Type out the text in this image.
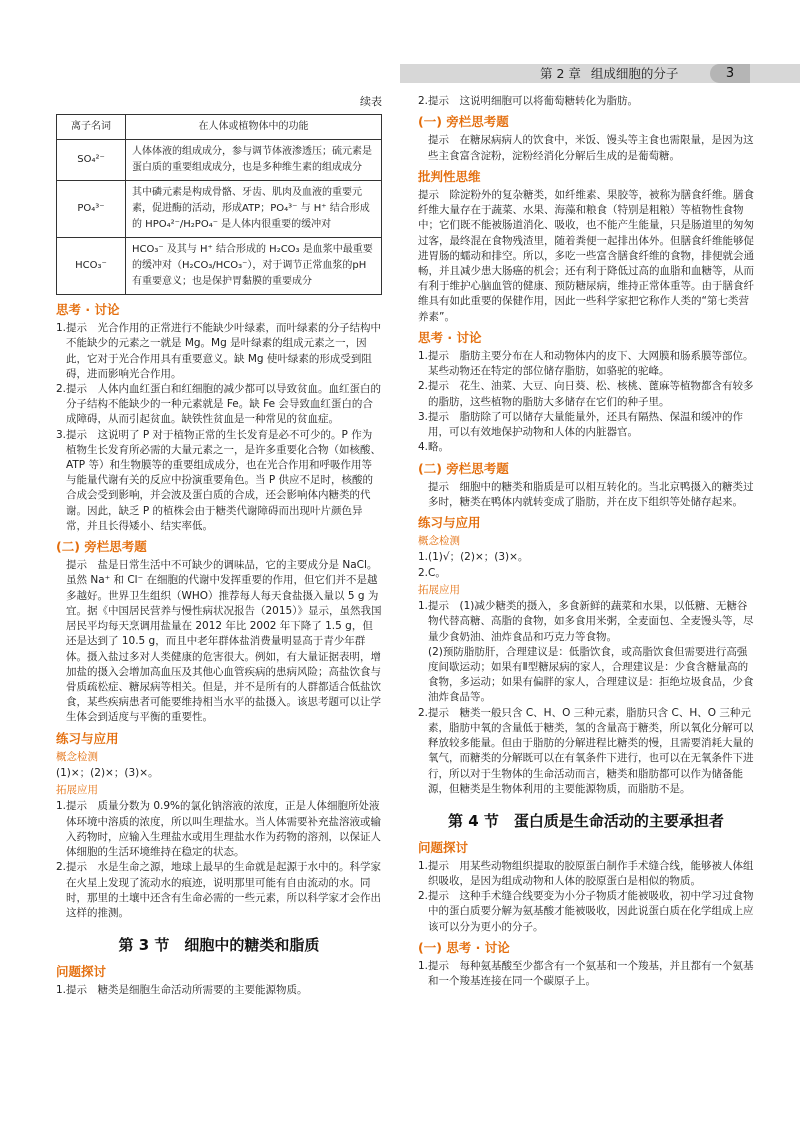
第 2 章 组成细胞的分子	3

续表

离子名词	在人体或植物体中的功能
SO₄²⁻	人体体液的组成成分，参与调节体液渗透压；硫元素是蛋白质的重要组成成分，也是多种维生素的组成成分
PO₄³⁻	其中磷元素是构成骨骼、牙齿、肌肉及血液的重要元素，促进酶的活动，形成ATP；PO₄³⁻ 与 H⁺ 结合形成的 HPO₄²⁻/H₂PO₄⁻ 是人体内很重要的缓冲对
HCO₃⁻	HCO₃⁻ 及其与 H⁺ 结合形成的 H₂CO₃ 是血浆中最重要的缓冲对（H₂CO₃/HCO₃⁻），对于调节正常血浆的pH有重要意义；也是保护胃黏膜的重要成分

思考 · 讨论

1.提示　光合作用的正常进行不能缺少叶绿素，而叶绿素的分子结构中不能缺少的元素之一就是 Mg。Mg 是叶绿素的组成元素之一，因此，它对于光合作用具有重要意义。缺 Mg 使叶绿素的形成受到阻碍，进而影响光合作用。

2.提示　人体内血红蛋白和红细胞的减少都可以导致贫血。血红蛋白的分子结构不能缺少的一种元素就是 Fe。缺 Fe 会导致血红蛋白的合成障碍，从而引起贫血。缺铁性贫血是一种常见的贫血症。

3.提示　这说明了 P 对于植物正常的生长发育是必不可少的。P 作为植物生长发育所必需的大量元素之一，是许多重要化合物（如核酸、ATP 等）和生物膜等的重要组成成分，也在光合作用和呼吸作用等与能量代谢有关的反应中扮演重要角色。当 P 供应不足时，核酸的合成会受到影响，并会波及蛋白质的合成，还会影响体内糖类的代谢。因此，缺乏 P 的植株会由于糖类代谢障碍而出现叶片颜色异常，并且长得矮小、结实率低。

(二) 旁栏思考题

提示　盐是日常生活中不可缺少的调味品，它的主要成分是 NaCl。虽然 Na⁺ 和 Cl⁻ 在细胞的代谢中发挥重要的作用，但它们并不是越多越好。世界卫生组织（WHO）推荐每人每天食盐摄入量以 5 g 为宜。据《中国居民营养与慢性病状况报告（2015）》显示，虽然我国居民平均每天烹调用盐量在 2012 年比 2002 年下降了 1.5 g，但还是达到了 10.5 g，而且中老年群体盐消费量明显高于青少年群体。摄入盐过多对人类健康的危害很大。例如，有大量证据表明，增加盐的摄入会增加高血压及其他心血管疾病的患病风险；高盐饮食与骨质疏松症、糖尿病等相关。但是，并不是所有的人群都适合低盐饮食，某些疾病患者可能要维持相当水平的盐摄入。该思考题可以让学生体会到适度与平衡的重要性。

练习与应用

概念检测

(1)×；(2)×；(3)×。

拓展应用

1.提示　质量分数为 0.9%的氯化钠溶液的浓度，正是人体细胞所处液体环境中溶质的浓度，所以叫生理盐水。当人体需要补充盐溶液或输入药物时，应输入生理盐水或用生理盐水作为药物的溶剂，以保证人体细胞的生活环境维持在稳定的状态。

2.提示　水是生命之源，地球上最早的生命就是起源于水中的。科学家在火星上发现了流动水的痕迹，说明那里可能有自由流动的水。同时，那里的土壤中还含有生命必需的一些元素，所以科学家才会作出这样的推测。

第 3 节　细胞中的糖类和脂质

问题探讨

1.提示　糖类是细胞生命活动所需要的主要能源物质。

2.提示　这说明细胞可以将葡萄糖转化为脂肪。

(一) 旁栏思考题

提示　在糖尿病病人的饮食中，米饭、馒头等主食也需限量，是因为这些主食富含淀粉，淀粉经消化分解后生成的是葡萄糖。

批判性思维

提示　除淀粉外的复杂糖类，如纤维素、果胶等，被称为膳食纤维。膳食纤维大量存在于蔬菜、水果、海藻和粮食（特别是粗粮）等植物性食物中；它们既不能被肠道消化、吸收，也不能产生能量，只是肠道里的匆匆过客，最终混在食物残渣里，随着粪便一起排出体外。但膳食纤维能够促进胃肠的蠕动和排空。所以，多吃一些富含膳食纤维的食物，排便就会通畅，并且减少患大肠癌的机会；还有利于降低过高的血脂和血糖等，从而有利于维护心脑血管的健康、预防糖尿病，维持正常体重等。由于膳食纤维具有如此重要的保健作用，因此一些科学家把它称作人类的“第七类营养素”。

思考 · 讨论

1.提示　脂肪主要分布在人和动物体内的皮下、大网膜和肠系膜等部位。某些动物还在特定的部位储存脂肪，如骆驼的驼峰。

2.提示　花生、油菜、大豆、向日葵、松、核桃、蓖麻等植物都含有较多的脂肪，这些植物的脂肪大多储存在它们的种子里。

3.提示　脂肪除了可以储存大量能量外，还具有隔热、保温和缓冲的作用，可以有效地保护动物和人体的内脏器官。

4.略。

(二) 旁栏思考题

提示　细胞中的糖类和脂质是可以相互转化的。当北京鸭摄入的糖类过多时，糖类在鸭体内就转变成了脂肪，并在皮下组织等处储存起来。

练习与应用

概念检测

1.(1)√；(2)×；(3)×。

2.C。

拓展应用

1.提示　(1)减少糖类的摄入，多食新鲜的蔬菜和水果，以低糖、无糖谷物代替高糖、高脂的食物，如多食用米粥，全麦面包、全麦馒头等，尽量少食奶油、油炸食品和巧克力等食物。

(2)预防脂肪肝，合理建议是：低脂饮食，或高脂饮食但需要进行高强度间歇运动；如果有Ⅱ型糖尿病的家人，合理建议是：少食含糖量高的食物，多运动；如果有偏胖的家人，合理建议是：拒绝垃圾食品，少食油炸食品等。

2.提示　糖类一般只含 C、H、O 三种元素，脂肪只含 C、H、O 三种元素，脂肪中氧的含量低于糖类，氢的含量高于糖类，所以氧化分解可以释放较多能量。但由于脂肪的分解进程比糖类的慢，且需要消耗大量的氧气，而糖类的分解既可以在有氧条件下进行，也可以在无氧条件下进行，所以对于生物体的生命活动而言，糖类和脂肪都可以作为储备能源，但糖类是生物体利用的主要能源物质，而脂肪不是。

第 4 节　蛋白质是生命活动的主要承担者

问题探讨

1.提示　用某些动物组织提取的胶原蛋白制作手术缝合线，能够被人体组织吸收，是因为组成动物和人体的胶原蛋白是相似的物质。

2.提示　这种手术缝合线要变为小分子物质才能被吸收，初中学习过食物中的蛋白质要分解为氨基酸才能被吸收，因此说蛋白质在化学组成上应该可以分为更小的分子。

(一) 思考 · 讨论

1.提示　每种氨基酸至少都含有一个氨基和一个羧基，并且都有一个氨基和一个羧基连接在同一个碳原子上。
